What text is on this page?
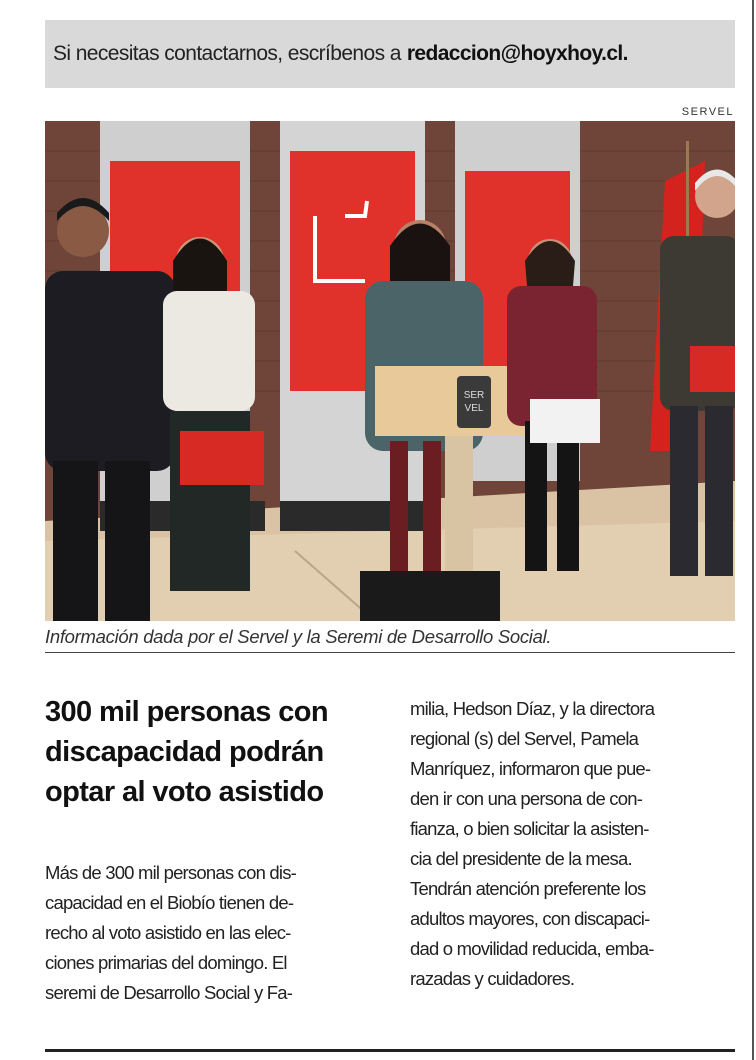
Si necesitas contactarnos, escríbenos a redaccion@hoyxhoy.cl.
SERVEL
SER
VEL
Información dada por el Servel y la Seremi de Desarrollo Social.
300 mil personas con
discapacidad podrán
optar al voto asistido
Más de 300 mil personas con dis-
capacidad en el Biobío tienen de-
recho al voto asistido en las elec-
ciones primarias del domingo. El
seremi de Desarrollo Social y Fa-
milia, Hedson Díaz, y la directora
regional (s) del Servel, Pamela
Manríquez, informaron que pue-
den ir con una persona de con-
fianza, o bien solicitar la asisten-
cia del presidente de la mesa.
Tendrán atención preferente los
adultos mayores, con discapaci-
dad o movilidad reducida, emba-
razadas y cuidadores.
